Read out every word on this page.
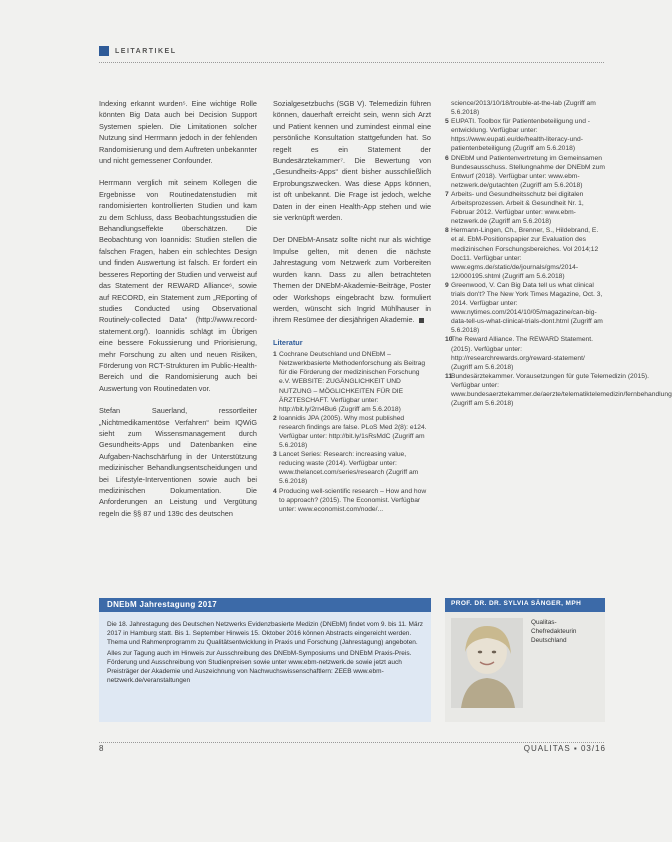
LEITARTIKEL

Indexing erkannt wurden⁵. Eine wichtige Rolle könnten Big Data auch bei Decision Support Systemen spielen. Die Limitationen solcher Nutzung sind Herrmann jedoch in der fehlenden Randomisierung und dem Auftreten unbekannter und nicht gemessener Confounder.

Herrmann verglich mit seinem Kollegen die Ergebnisse von Routinedatenstudien mit randomisierten kontrollierten Studien und kam zu dem Schluss, dass Beobachtungsstudien die Behandlungseffekte überschätzen. Die Beobachtung von Ioannidis: Studien stellen die falschen Fragen, haben ein schlechtes Design und finden Auswertung ist falsch. Er fordert ein besseres Reporting der Studien und verweist auf das Statement der REWARD Alliance⁶, sowie auf RECORD, ein Statement zum „REporting of studies Conducted using Observational Routinely-collected Data“ (http://www.record-statement.org/). Ioannidis schlägt im Übrigen eine bessere Fokussierung und Priorisierung, mehr Forschung zu alten und neuen Risiken, Förderung von RCT-Strukturen im Public-Health-Bereich und die Randomisierung auch bei Auswertung von Routinedaten vor.

Stefan Sauerland, ressortleiter „Nichtmedikamentöse Verfahren“ beim IQWiG sieht zum Wissensmanagement durch Gesundheits-Apps und Datenbanken eine Aufgaben-Nachschärfung in der Unterstützung medizinischer Behandlungsentscheidungen und bei Lifestyle-Interventionen sowie auch bei medizinischen Dokumentation. Die Anforderungen an Leistung und Vergütung regeln die §§ 87 und 139c des deutschen

Sozialgesetzbuchs (SGB V). Telemedizin führen können, dauerhaft erreicht sein, wenn sich Arzt und Patient kennen und zumindest einmal eine persönliche Konsultation stattgefunden hat. So regelt es ein Statement der Bundesärztekammer⁷. Die Bewertung von „Gesundheits-Apps“ dient bisher ausschließlich Erprobungszwecken. Was diese Apps können, ist oft unbekannt. Die Frage ist jedoch, welche Daten in der einen Health-App stehen und wie sie verknüpft werden.

Der DNEbM-Ansatz sollte nicht nur als wichtige Impulse gelten, mit denen die nächste Jahrestagung vom Netzwerk zum Vorbereiten wurden kann. Dass zu allen betrachteten Themen der DNEbM-Akademie-Beiträge, Poster oder Workshops eingebracht bzw. formuliert werden, wünscht sich Ingrid Mühlhauser in ihrem Resümee der diesjährigen Akademie.

Literatur
1 Cochrane Deutschland und DNEbM – Netzwerkbasierte Methodenforschung als Beitrag für die Förderung der medizinischen Forschung e.V. WEBSITE: ZUGÄNGLICHKEIT UND NUTZUNG – MÖGLICHKEITEN FÜR DIE ÄRZTESCHAFT. Verfügbar unter: http://bit.ly/2rn4Bu6 (Zugriff am 5.6.2018)
2 Ioannidis JPA (2005). Why most published research findings are false. PLoS Med 2(8): e124. Verfügbar unter: http://bit.ly/1sRsMdC (Zugriff am 5.6.2018)
3 Lancet Series: Research: increasing value, reducing waste (2014). Verfügbar unter: www.thelancet.com/series/research (Zugriff am 5.6.2018)
4 Producing well-scientific research – How and how to approach? (2015). The Economist. Verfügbar unter: www.economist.com/node/...
science/2013/10/18/trouble-at-the-lab (Zugriff am 5.6.2018)
5 EUPATI. Toolbox für Patientenbeteiligung und -entwicklung. Verfügbar unter: https://www.eupati.eu/de/health-literacy-und-patientenbeteiligung (Zugriff am 5.6.2018)
6 DNEbM und Patientenvertretung im Gemeinsamen Bundesausschuss. Stellungnahme der DNEbM zum Entwurf (2018). Verfügbar unter: www.ebm-netzwerk.de/gutachten (Zugriff am 5.6.2018)
7 Arbeits- und Gesundheitsschutz bei digitalen Arbeitsprozessen. Arbeit & Gesundheit Nr. 1, Februar 2012. Verfügbar unter: www.ebm-netzwerk.de (Zugriff am 5.6.2018)
8 Hermann-Lingen, Ch., Brenner, S., Hildebrand, E. et al. EbM-Positionspapier zur Evaluation des medizinischen Forschungsbereiches. Vol 2014;12 Doc11. Verfügbar unter: www.egms.de/static/de/journals/gms/2014-12/000195.shtml (Zugriff am 5.6.2018)
9 Greenwood, V. Can Big Data tell us what clinical trials don't? The New York Times Magazine, Oct. 3, 2014. Verfügbar unter: www.nytimes.com/2014/10/05/magazine/can-big-data-tell-us-what-clinical-trials-dont.html (Zugriff am 5.6.2018)
10
The Reward Alliance. The REWARD Statement. (2015). Verfügbar unter: http://researchrewards.org/reward-statement/ (Zugriff am 5.6.2018)
11
Bundesärztekammer. Vorausetzungen für gute Telemedizin (2015). Verfügbar unter: www.bundesaerztekammer.de/aerzte/telematiktelemedizin/fernbehandlung (Zugriff am 5.6.2018)
DNEbM Jahrestagung 2017

Die 18. Jahrestagung des Deutschen Netzwerks Evidenzbasierte Medizin (DNEbM) findet vom 9. bis 11. März 2017 in Hamburg statt. Bis 1. September Hinweis 15. Oktober 2016 können Abstracts eingereicht werden. Thema und Rahmenprogramm zu Qualitätsentwicklung in Praxis und Forschung (Jahrestagung) angeboten.

Alles zur Tagung auch im Hinweis zur Ausschreibung des DNEbM-Symposiums und DNEbM Praxis-Preis. Förderung und Ausschreibung von Studienpreisen sowie unter www.ebm-netzwerk.de sowie jetzt auch Preisträger der Akademie und Auszeichnung von Nachwuchswissenschaftlern: ZEEB www.ebm-netzwerk.de/veranstaltungen

PROF. DR. DR. SYLVIA SÄNGER, MPH
Qualitas-Chefredakteurin Deutschland
8	QUALITAS ▪ 03/16
